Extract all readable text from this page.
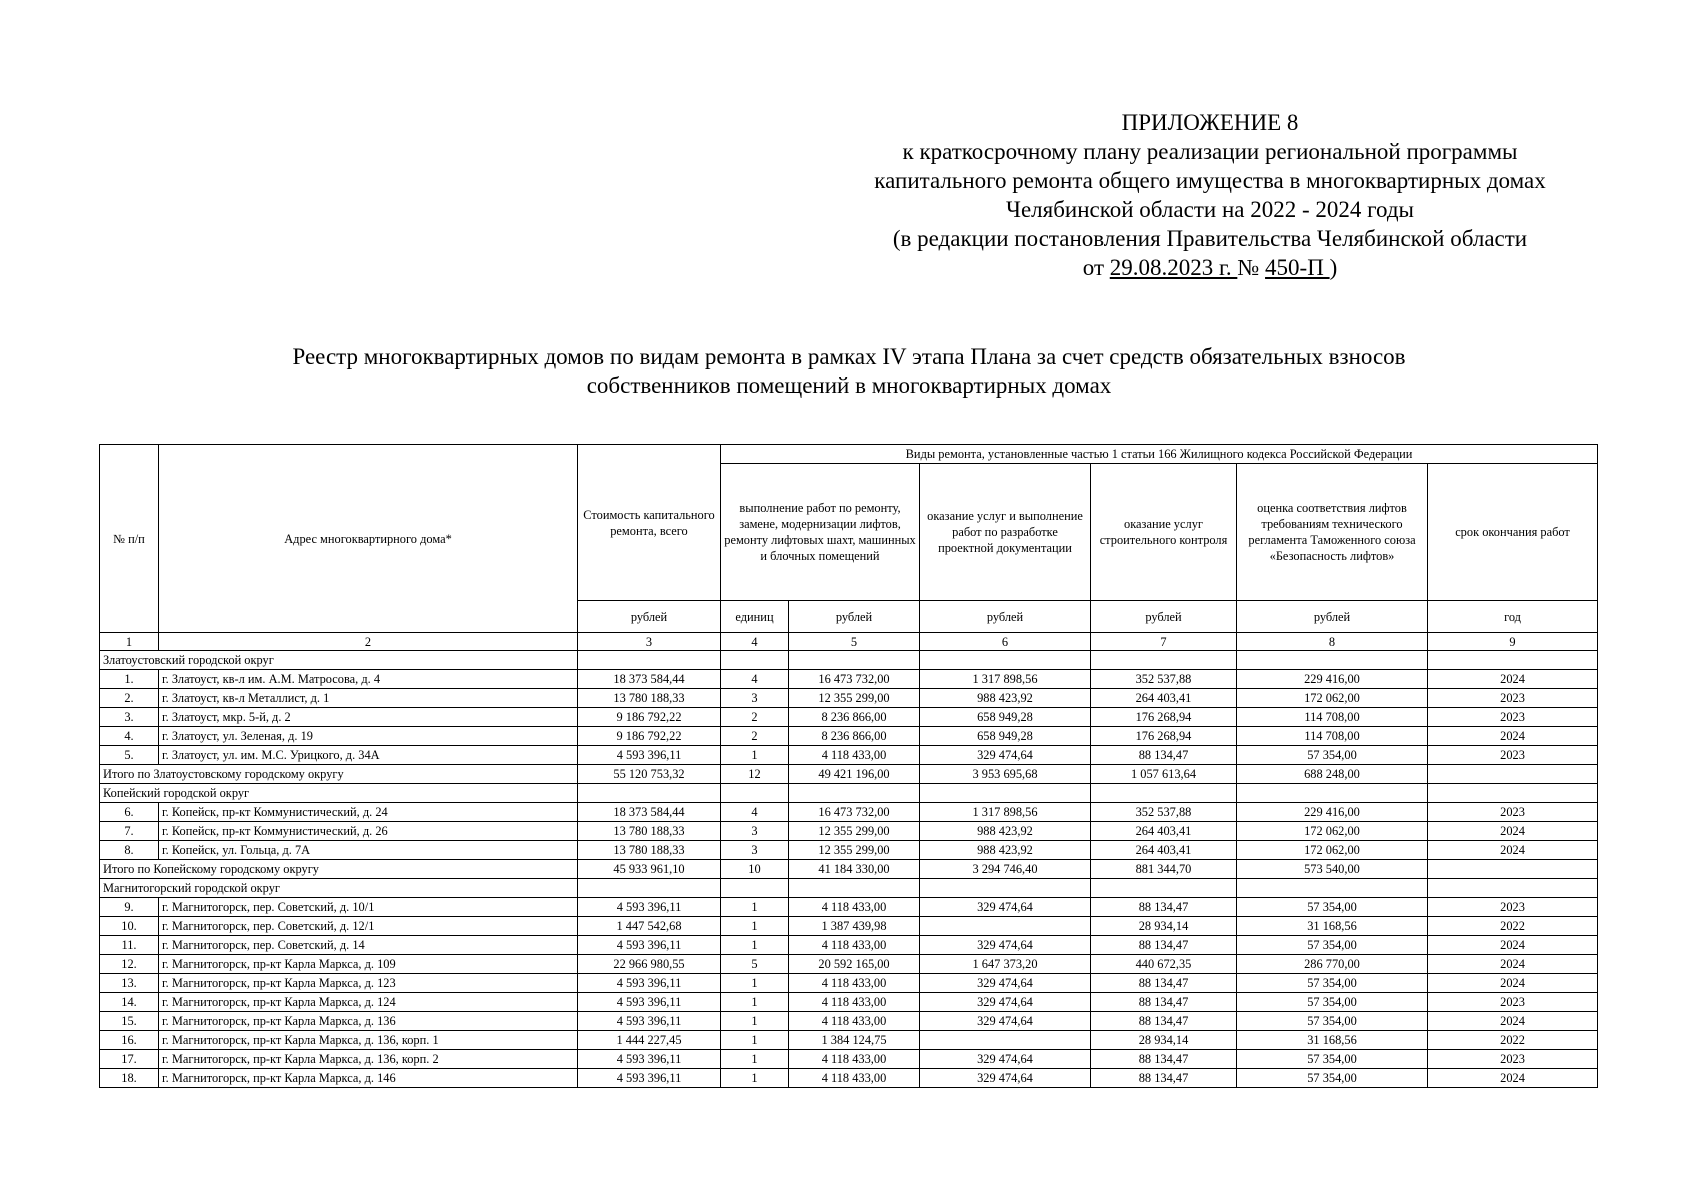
ПРИЛОЖЕНИЕ 8
к краткосрочному плану реализации региональной программы
капитального ремонта общего имущества в многоквартирных домах
Челябинской области на 2022 - 2024 годы
(в редакции постановления Правительства Челябинской области
от 29.08.2023 г. № 450-П )
Реестр многоквартирных домов по видам ремонта в рамках IV этапа Плана за счет средств обязательных взносов
собственников помещений в многоквартирных домах
№ п/п	Адрес многоквартирного дома*	Стоимость капитального ремонта, всего	Виды ремонта, установленные частью 1 статьи 166 Жилищного кодекса Российской Федерации					
			выполнение работ по ремонту, замене, модернизации лифтов, ремонту лифтовых шахт, машинных и блочных помещений		оказание услуг и выполнение работ по разработке проектной документации	оказание услуг строительного контроля	оценка соответствия лифтов требованиям технического регламента Таможенного союза «Безопасность лифтов»	срок окончания работ
		рублей	единиц	рублей	рублей	рублей	рублей	год
1	2	3	4	5	6	7	8	9
Златоустовский городской округ								
1.	г. Златоуст, кв-л им. А.М. Матросова, д. 4	18 373 584,44	4	16 473 732,00	1 317 898,56	352 537,88	229 416,00	2024
2.	г. Златоуст, кв-л Металлист, д. 1	13 780 188,33	3	12 355 299,00	988 423,92	264 403,41	172 062,00	2023
3.	г. Златоуст, мкр. 5-й, д. 2	9 186 792,22	2	8 236 866,00	658 949,28	176 268,94	114 708,00	2023
4.	г. Златоуст, ул. Зеленая, д. 19	9 186 792,22	2	8 236 866,00	658 949,28	176 268,94	114 708,00	2024
5.	г. Златоуст, ул. им. М.С. Урицкого, д. 34А	4 593 396,11	1	4 118 433,00	329 474,64	88 134,47	57 354,00	2023
Итого по Златоустовскому городскому округу		55 120 753,32	12	49 421 196,00	3 953 695,68	1 057 613,64	688 248,00	
Копейский городской округ								
6.	г. Копейск, пр-кт Коммунистический, д. 24	18 373 584,44	4	16 473 732,00	1 317 898,56	352 537,88	229 416,00	2023
7.	г. Копейск, пр-кт Коммунистический, д. 26	13 780 188,33	3	12 355 299,00	988 423,92	264 403,41	172 062,00	2024
8.	г. Копейск, ул. Гольца, д. 7А	13 780 188,33	3	12 355 299,00	988 423,92	264 403,41	172 062,00	2024
Итого по Копейскому городскому округу		45 933 961,10	10	41 184 330,00	3 294 746,40	881 344,70	573 540,00	
Магнитогорский городской округ								
9.	г. Магнитогорск, пер. Советский, д. 10/1	4 593 396,11	1	4 118 433,00	329 474,64	88 134,47	57 354,00	2023
10.	г. Магнитогорск, пер. Советский, д. 12/1	1 447 542,68	1	1 387 439,98		28 934,14	31 168,56	2022
11.	г. Магнитогорск, пер. Советский, д. 14	4 593 396,11	1	4 118 433,00	329 474,64	88 134,47	57 354,00	2024
12.	г. Магнитогорск, пр-кт Карла Маркса, д. 109	22 966 980,55	5	20 592 165,00	1 647 373,20	440 672,35	286 770,00	2024
13.	г. Магнитогорск, пр-кт Карла Маркса, д. 123	4 593 396,11	1	4 118 433,00	329 474,64	88 134,47	57 354,00	2024
14.	г. Магнитогорск, пр-кт Карла Маркса, д. 124	4 593 396,11	1	4 118 433,00	329 474,64	88 134,47	57 354,00	2023
15.	г. Магнитогорск, пр-кт Карла Маркса, д. 136	4 593 396,11	1	4 118 433,00	329 474,64	88 134,47	57 354,00	2024
16.	г. Магнитогорск, пр-кт Карла Маркса, д. 136, корп. 1	1 444 227,45	1	1 384 124,75		28 934,14	31 168,56	2022
17.	г. Магнитогорск, пр-кт Карла Маркса, д. 136, корп. 2	4 593 396,11	1	4 118 433,00	329 474,64	88 134,47	57 354,00	2023
18.	г. Магнитогорск, пр-кт Карла Маркса, д. 146	4 593 396,11	1	4 118 433,00	329 474,64	88 134,47	57 354,00	2024
